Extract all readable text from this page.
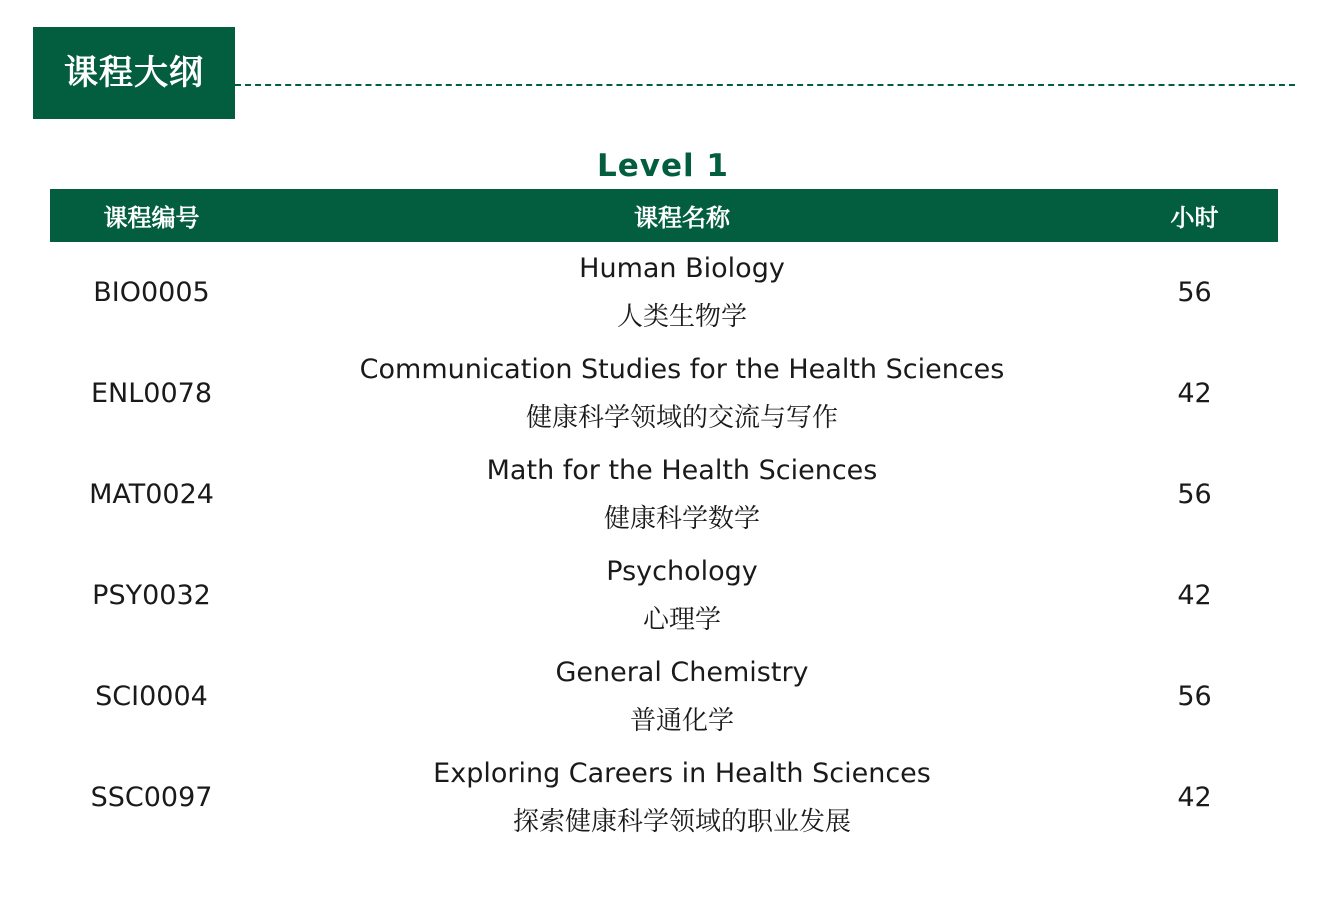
课程大纲
Level 1
课程编号	课程名称	小时
BIO0005
Human Biology
人类生物学
56
ENL0078
Communication Studies for the Health Sciences
健康科学领域的交流与写作
42
MAT0024
Math for the Health Sciences
健康科学数学
56
PSY0032
Psychology
心理学
42
SCI0004
General Chemistry
普通化学
56
SSC0097
Exploring Careers in Health Sciences
探索健康科学领域的职业发展
42
